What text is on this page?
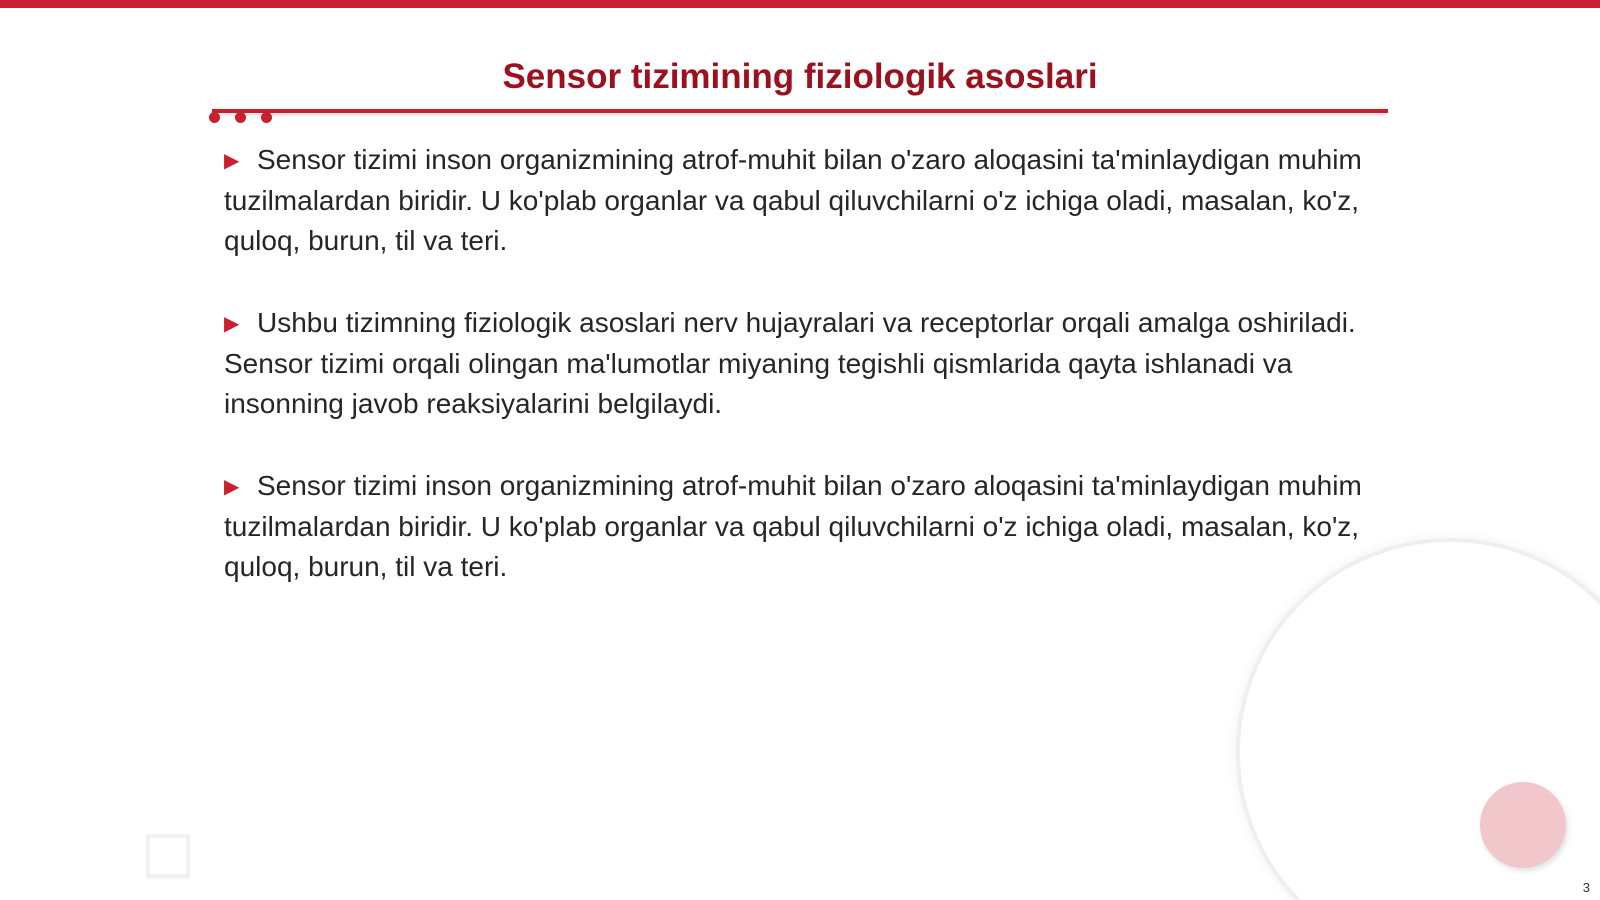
Sensor tizimining fiziologik asoslari

▶ Sensor tizimi inson organizmining atrof-muhit bilan o'zaro aloqasini ta'minlaydigan muhim tuzilmalardan biridir. U ko'plab organlar va qabul qiluvchilarni o'z ichiga oladi, masalan, ko'z, quloq, burun, til va teri.

▶ Ushbu tizimning fiziologik asoslari nerv hujayralari va receptorlar orqali amalga oshiriladi. Sensor tizimi orqali olingan ma'lumotlar miyaning tegishli qismlarida qayta ishlanadi va insonning javob reaksiyalarini belgilaydi.

▶ Sensor tizimi inson organizmining atrof-muhit bilan o'zaro aloqasini ta'minlaydigan muhim tuzilmalardan biridir. U ko'plab organlar va qabul qiluvchilarni o'z ichiga oladi, masalan, ko'z, quloq, burun, til va teri.

3
